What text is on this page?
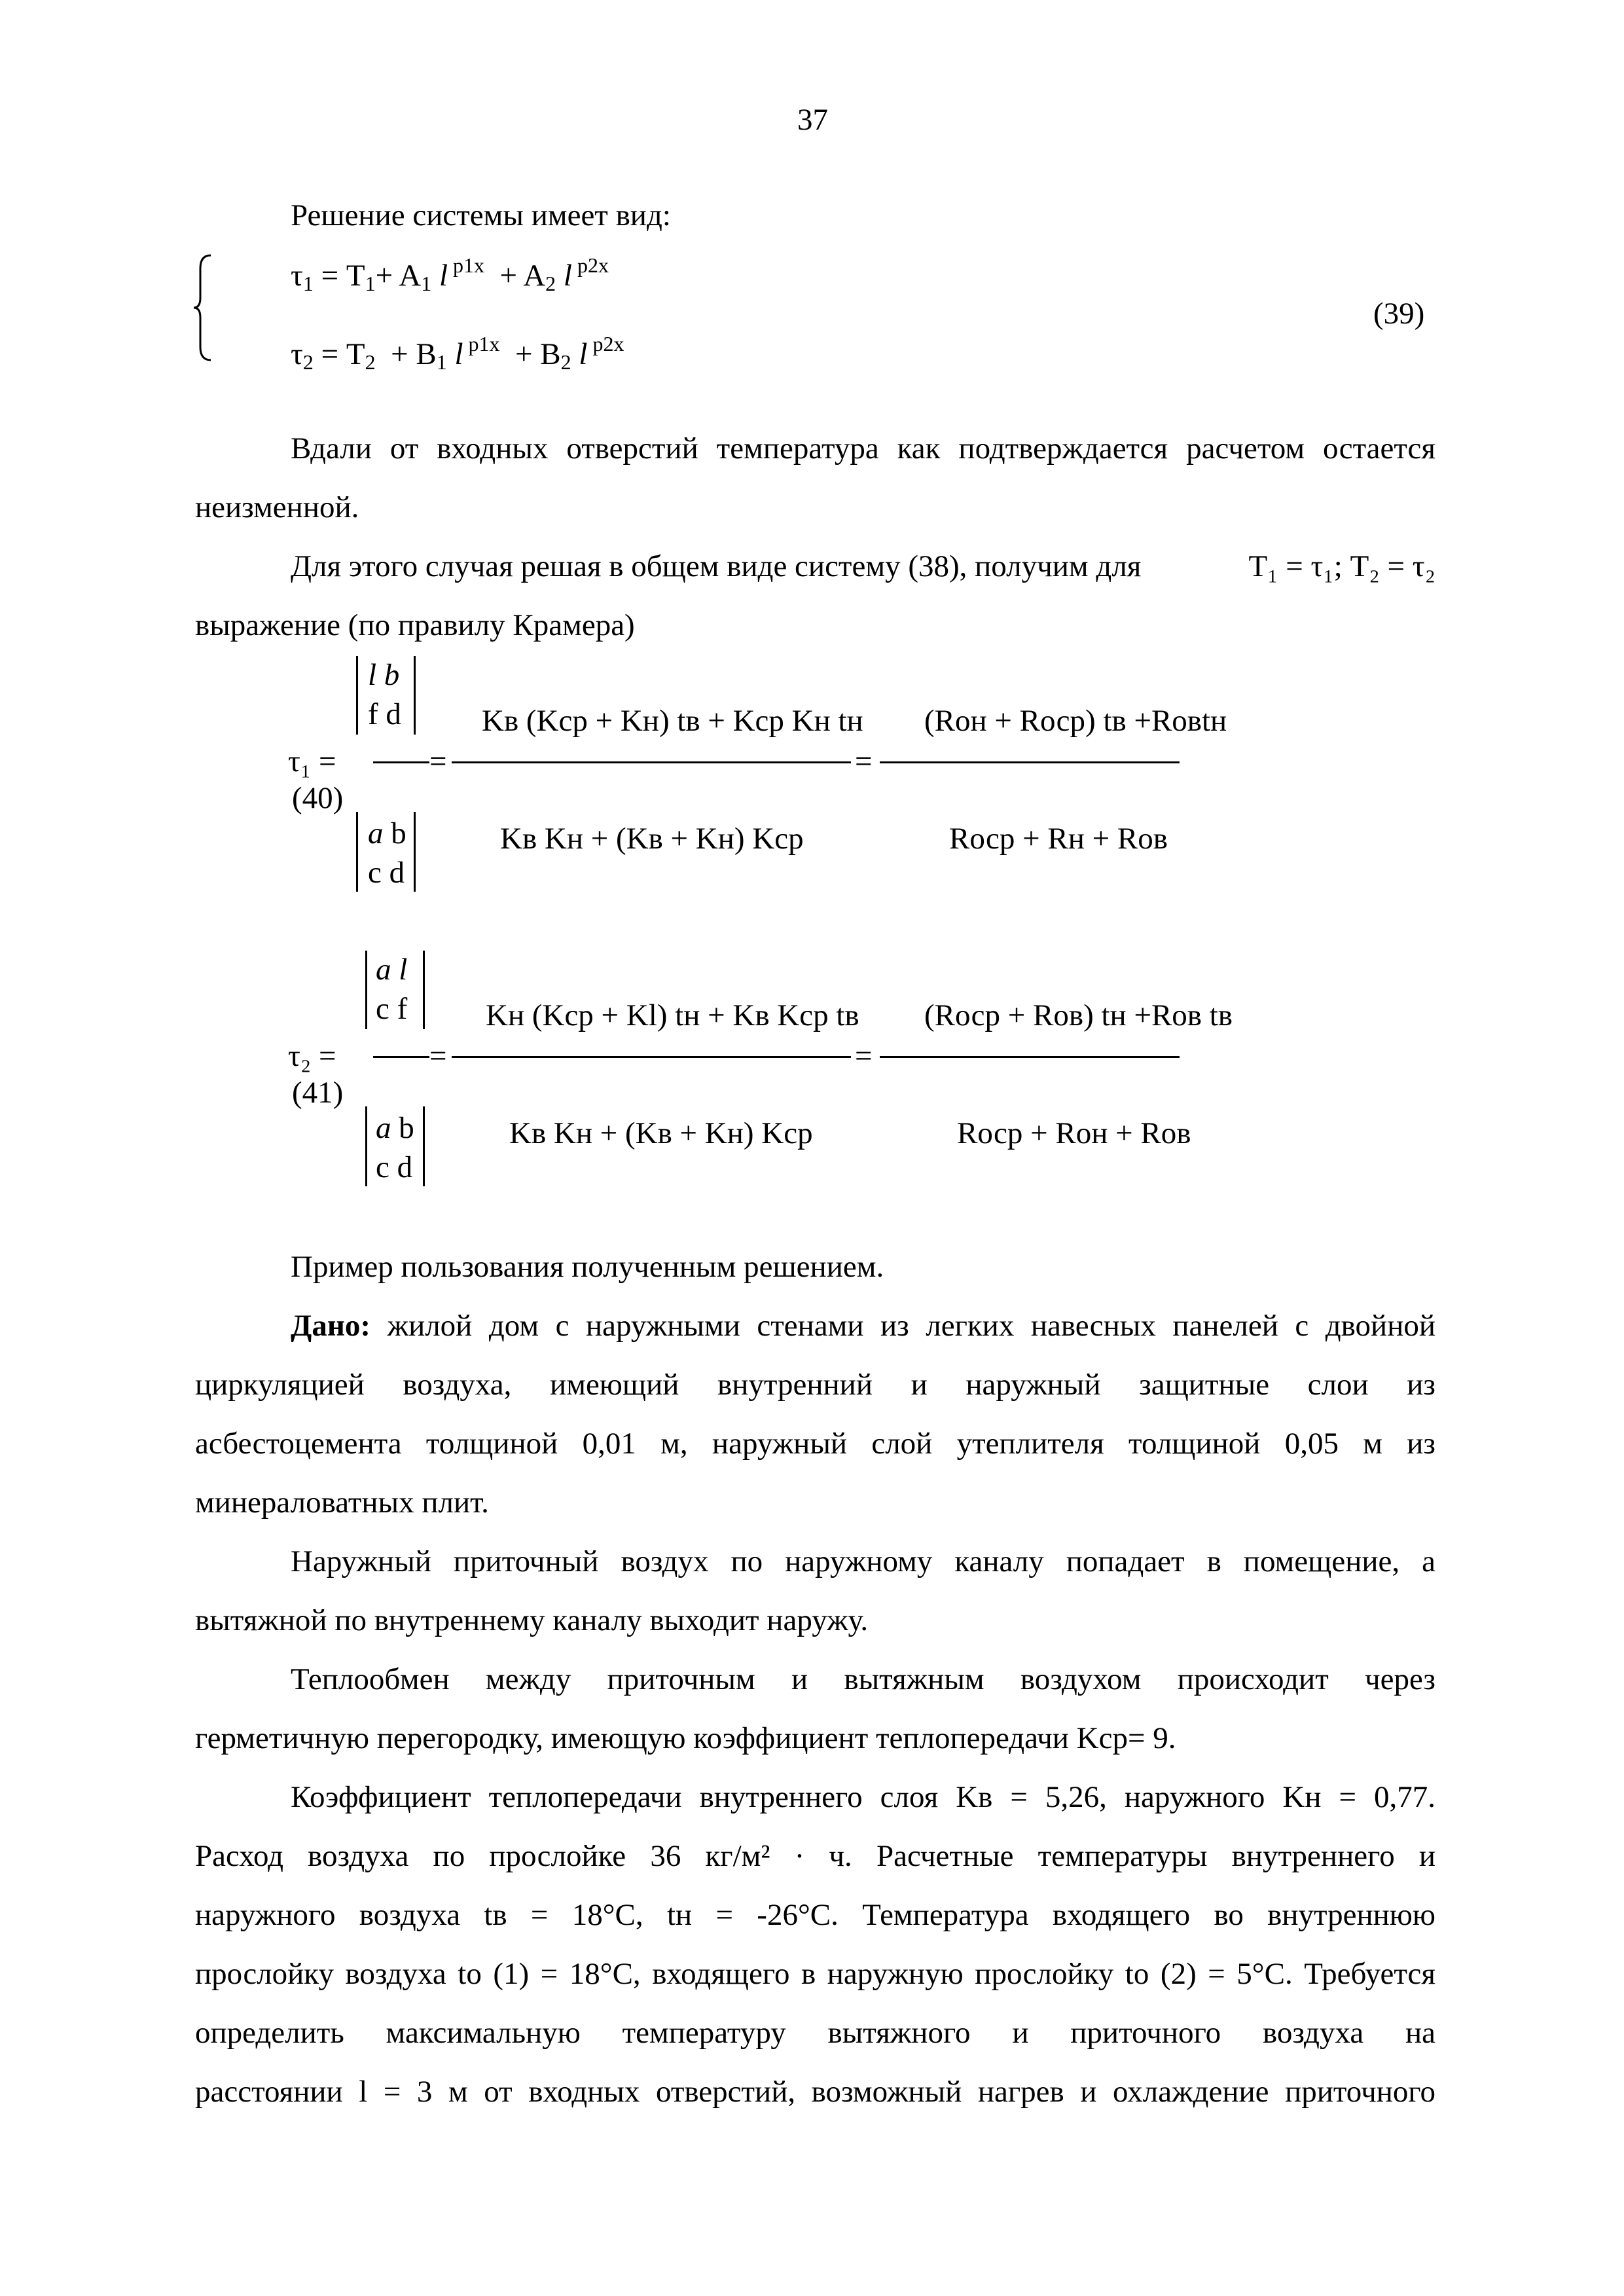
37
Решение системы имеет вид:
$\tau_1 = T_1+ A_1$ l $^{p1x} + A_2$ l $^{p2x}$
$\tau_2 = T_2 + B_1$ l $^{p1x} + B_2$ l $^{p2x}$
(39)
Вдали от входных отверстий температура как подтверждается расчетом остается
неизменной.
Для этого случая решая в общем виде систему (38), получим для	T₁ = τ₁; T₂ = τ₂
выражение (по правилу Крамера)
l b
f d	Kв (Kср + Kн) tв + Kср Kн tн (Rон + Rоср) tв +Rовtн
τ₁ =	=	=
(40)
a b
c d
Kв Kн + (Kв + Kн) Kср	Rоср + Rн + Rов
a l
c f	Kн (Kср + Kl) tн + Kв Kср tв (Rоср + Rов) tн +Rов tв
τ₂ =	=	=
(41)
a b
c d
Kв Kн + (Kв + Kн) Kср	Rоср + Rон + Rов
Пример пользования полученным решением.
Дано: жилой дом с наружными стенами из легких навесных панелей с двойной
циркуляцией воздуха, имеющий внутренний и наружный защитные слои из
асбестоцемента толщиной 0,01 м, наружный слой утеплителя толщиной 0,05 м из
минераловатных плит.
Наружный приточный воздух по наружному каналу попадает в помещение, а
вытяжной по внутреннему каналу выходит наружу.
Теплообмен между приточным и вытяжным воздухом происходит через
герметичную перегородку, имеющую коэффициент теплопередачи Kср= 9.
Коэффициент теплопередачи внутреннего слоя Kв = 5,26, наружного Kн = 0,77.
Расход воздуха по прослойке 36 кг/м² · ч. Расчетные температуры внутреннего и
наружного воздуха tв = 18°C, tн = -26°C. Температура входящего во внутреннюю
прослойку воздуха tо (1) = 18°C, входящего в наружную прослойку tо (2) = 5°C. Требуется
определить максимальную температуру вытяжного и приточного воздуха на
расстоянии l = 3 м от входных отверстий, возможный нагрев и охлаждение приточного
